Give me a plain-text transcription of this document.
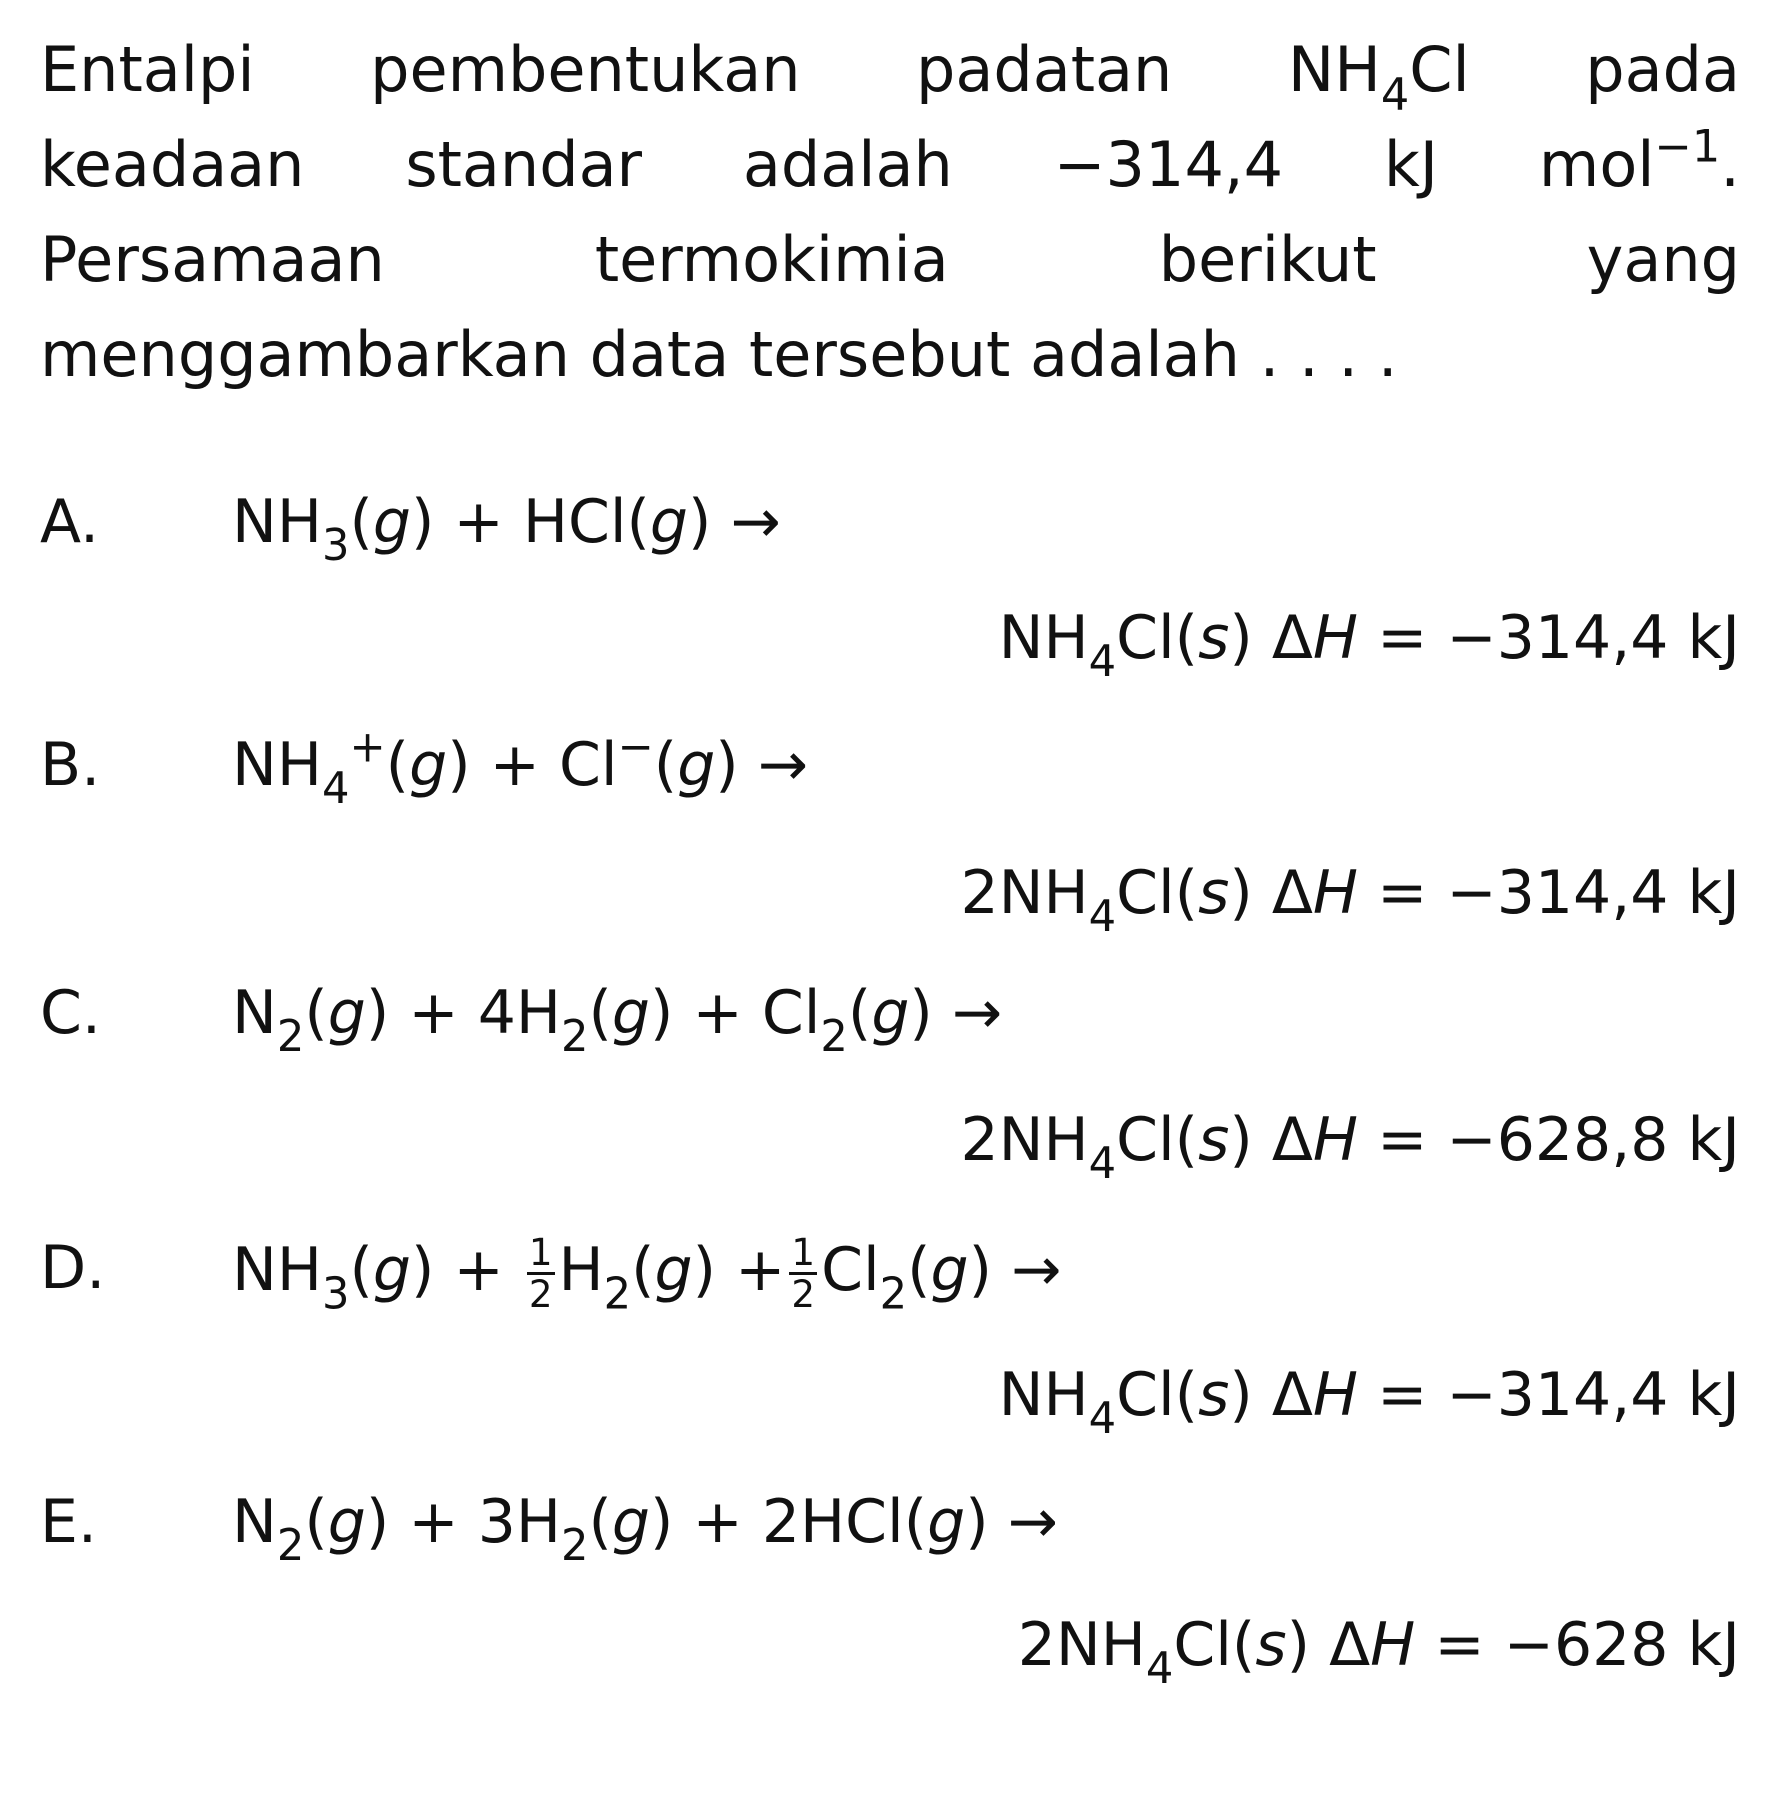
Entalpi pembentukan padatan $NH_4Cl$ pada
keadaan standar adalah −314,4 kJ mol$^{-1}$.
Persamaan termokimia berikut yang
menggambarkan data tersebut adalah . . . .
A. $NH_3(g) + HCl(g)$ →
$NH_4Cl(s) \Delta H = -314,4$ kJ
B. $NH_4^+(g) + Cl^-(g)$ →
$2NH_4Cl(s) \Delta H = -314,4$ kJ
C. $N_2(g) + 4H_2(g) + Cl_2(g)$ →
$2NH_4Cl(s) \Delta H = -628,8$ kJ
D. $NH_3(g) + \frac{1}{2} H_2(g) + \frac{1}{2} Cl_2(g)$ →
$NH_4Cl(s) \Delta H = -314,4$ kJ
E. $N_2(g) + 3H_2(g) + 2HCl(g)$ →
$2NH_4Cl(s) \Delta H = -628$ kJ
